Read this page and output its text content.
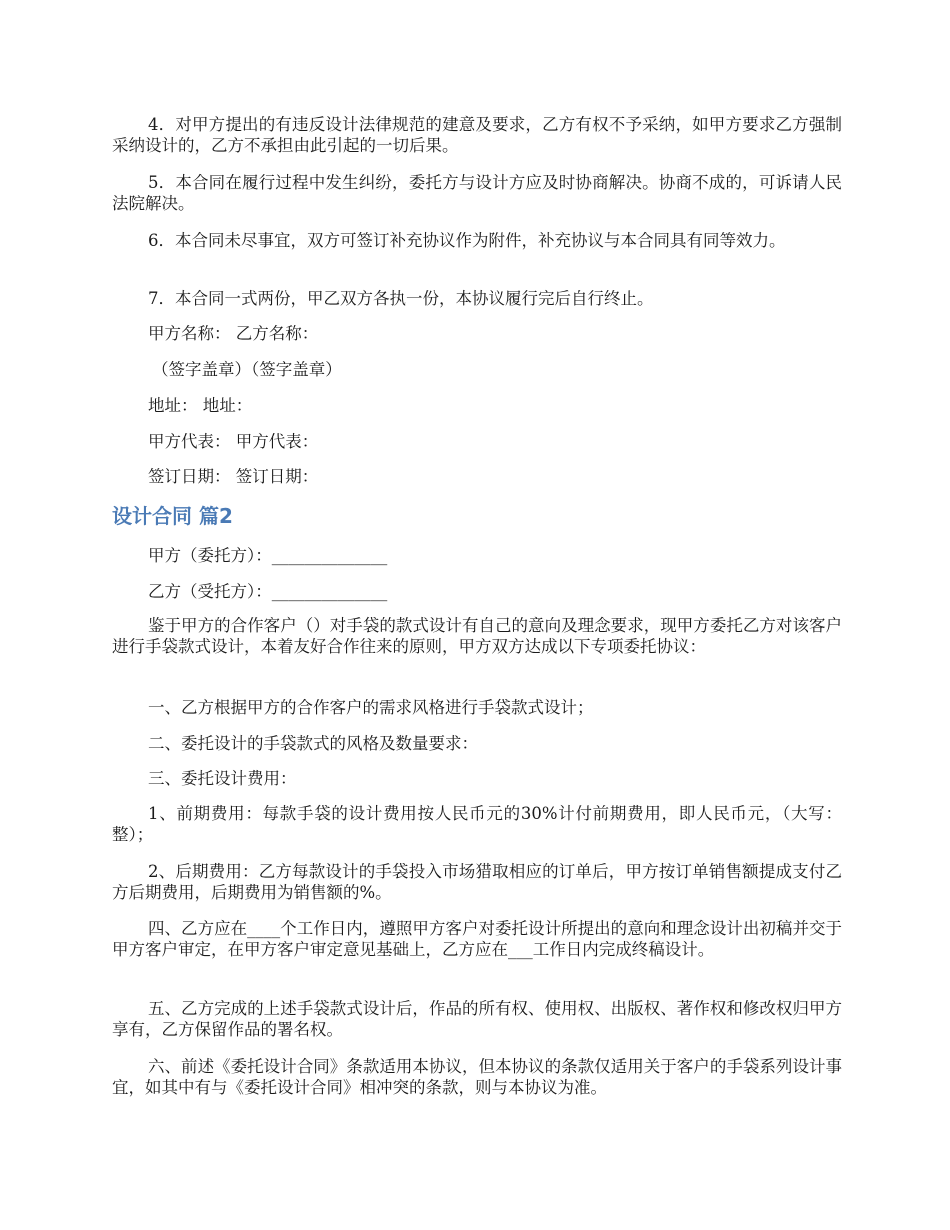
4．对甲方提出的有违反设计法律规范的建意及要求，乙方有权不予采纳，如甲方要求乙方强制采纳设计的，乙方不承担由此引起的一切后果。

5．本合同在履行过程中发生纠纷，委托方与设计方应及时协商解决。协商不成的，可诉请人民法院解决。

6．本合同未尽事宜，双方可签订补充协议作为附件，补充协议与本合同具有同等效力。

7．本合同一式两份，甲乙双方各执一份，本协议履行完后自行终止。

甲方名称： 乙方名称：

（签字盖章）（签字盖章）

地址： 地址：

甲方代表： 甲方代表：

签订日期： 签订日期：

设计合同 篇2

甲方（委托方）：______________

乙方（受托方）：______________

鉴于甲方的合作客户（）对手袋的款式设计有自己的意向及理念要求，现甲方委托乙方对该客户进行手袋款式设计，本着友好合作往来的原则，甲方双方达成以下专项委托协议：

一、乙方根据甲方的合作客户的需求风格进行手袋款式设计；

二、委托设计的手袋款式的风格及数量要求：

三、委托设计费用：

1、前期费用：每款手袋的设计费用按人民币元的30%计付前期费用，即人民币元，（大写：整）；

2、后期费用：乙方每款设计的手袋投入市场猎取相应的订单后，甲方按订单销售额提成支付乙方后期费用，后期费用为销售额的%。

四、乙方应在____个工作日内，遵照甲方客户对委托设计所提出的意向和理念设计出初稿并交于甲方客户审定，在甲方客户审定意见基础上，乙方应在___工作日内完成终稿设计。

五、乙方完成的上述手袋款式设计后，作品的所有权、使用权、出版权、著作权和修改权归甲方享有，乙方保留作品的署名权。

六、前述《委托设计合同》条款适用本协议，但本协议的条款仅适用关于客户的手袋系列设计事宜，如其中有与《委托设计合同》相冲突的条款，则与本协议为准。
